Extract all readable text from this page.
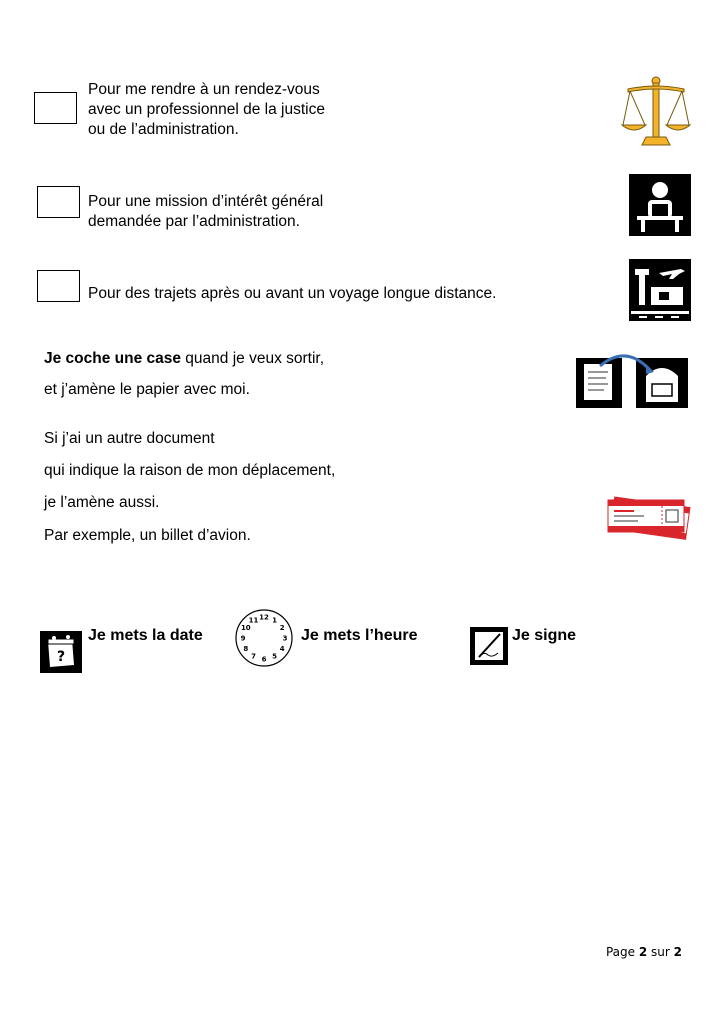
Pour me rendre à un rendez-vous
avec un professionnel de la justice
ou de l’administration.
Pour une mission d’intérêt général
demandée par l’administration.
Pour des trajets après ou avant un voyage longue distance.
Je coche une case quand je veux sortir,
et j’amène le papier avec moi.
Si j’ai un autre document
qui indique la raison de mon déplacement,
je l’amène aussi.
Par exemple, un billet d’avion.
?
Je mets la date
12 1
2
3
4
5
6
7
8
9
10
11
Je mets l’heure	Je signe
Page 2 sur 2
